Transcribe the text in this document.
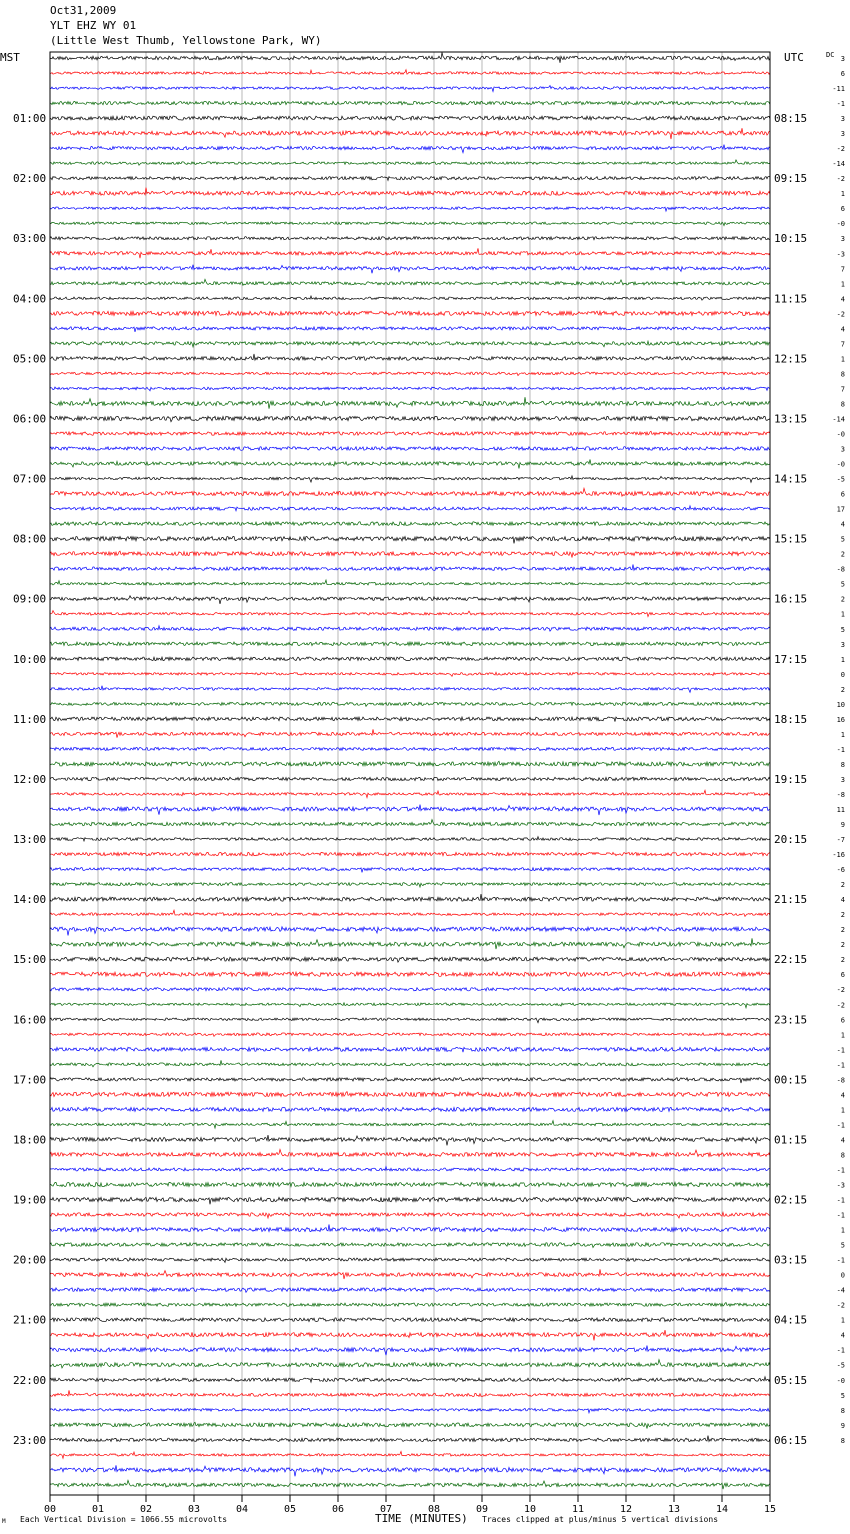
Oct31,2009
YLT EHZ WY 01
(Little West Thumb, Yellowstone Park, WY)
00	01	02	03	04	05	06	07	08	09	10	11	12	13	14	15
01:00
02:00
03:00
04:00
05:00
06:00
07:00
08:00
09:00
10:00
11:00
12:00
13:00
14:00
15:00
16:00
17:00
18:00
19:00
20:00
21:00
22:00
23:00
08:15
09:15
10:15
11:15
12:15
13:15
14:15
15:15
16:15
17:15
18:15
19:15
20:15
21:15
22:15
23:15
00:15
01:15
02:15
03:15
04:15
05:15
06:15
3
6
-11
-1
3
3
-2
-14
-2
1
6
-0
3
-3
7
1
4
-2
4
7
1
8
7
8
-14
-0
3
-0
-5
6
17
4
5
2
-8
5
2
1
5
3
1
0
2
10
16
1
-1
8
3
-8
11
9
-7
-16
-6
2
4
2
2
2
2
6
-2
-2
6
1
-1
-1
-8
4
1
-1
4
8
-1
-3
-1
-1
1
5
-1
0
-4
-2
1
4
-1
-5
-0
5
8
9
8
MST	UTC	DC
TIME (MINUTES)
M Each Vertical Division = 1066.55 microvolts	Traces clipped at plus/minus 5 vertical divisions
